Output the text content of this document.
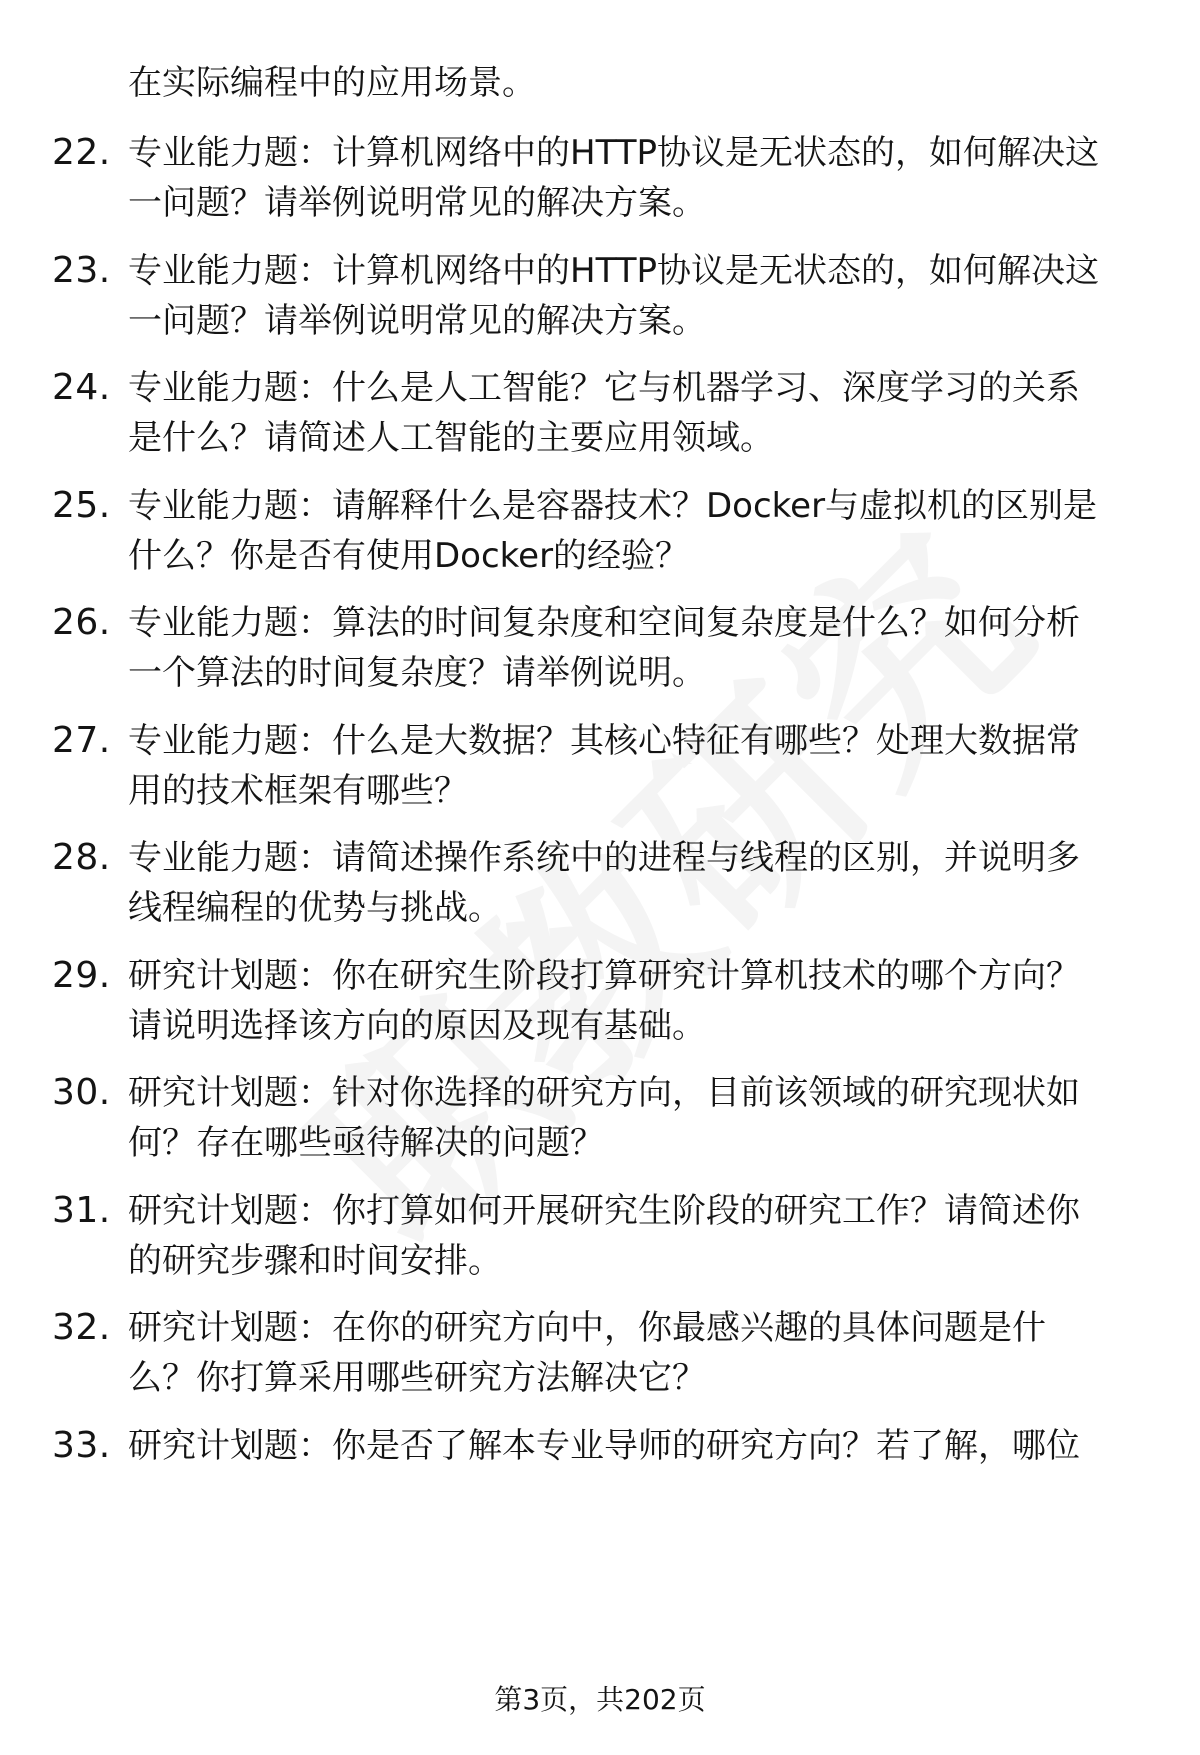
在实际编程中的应用场景。
22. 专业能力题：计算机网络中的HTTP协议是无状态的，如何解决这
一问题？请举例说明常见的解决方案。
23. 专业能力题：计算机网络中的HTTP协议是无状态的，如何解决这
一问题？请举例说明常见的解决方案。
24. 专业能力题：什么是人工智能？它与机器学习、深度学习的关系
是什么？请简述人工智能的主要应用领域。
25. 专业能力题：请解释什么是容器技术？Docker与虚拟机的区别是
什么？你是否有使用Docker的经验？
26. 专业能力题：算法的时间复杂度和空间复杂度是什么？如何分析
一个算法的时间复杂度？请举例说明。
27. 专业能力题：什么是大数据？其核心特征有哪些？处理大数据常
用的技术框架有哪些？
28. 专业能力题：请简述操作系统中的进程与线程的区别，并说明多
线程编程的优势与挑战。
29. 研究计划题：你在研究生阶段打算研究计算机技术的哪个方向？
请说明选择该方向的原因及现有基础。
30. 研究计划题：针对你选择的研究方向，目前该领域的研究现状如
何？存在哪些亟待解决的问题？
31. 研究计划题：你打算如何开展研究生阶段的研究工作？请简述你
的研究步骤和时间安排。
32. 研究计划题：在你的研究方向中，你最感兴趣的具体问题是什
么？你打算采用哪些研究方法解决它？
33. 研究计划题：你是否了解本专业导师的研究方向？若了解，哪位
第3页，共202页
